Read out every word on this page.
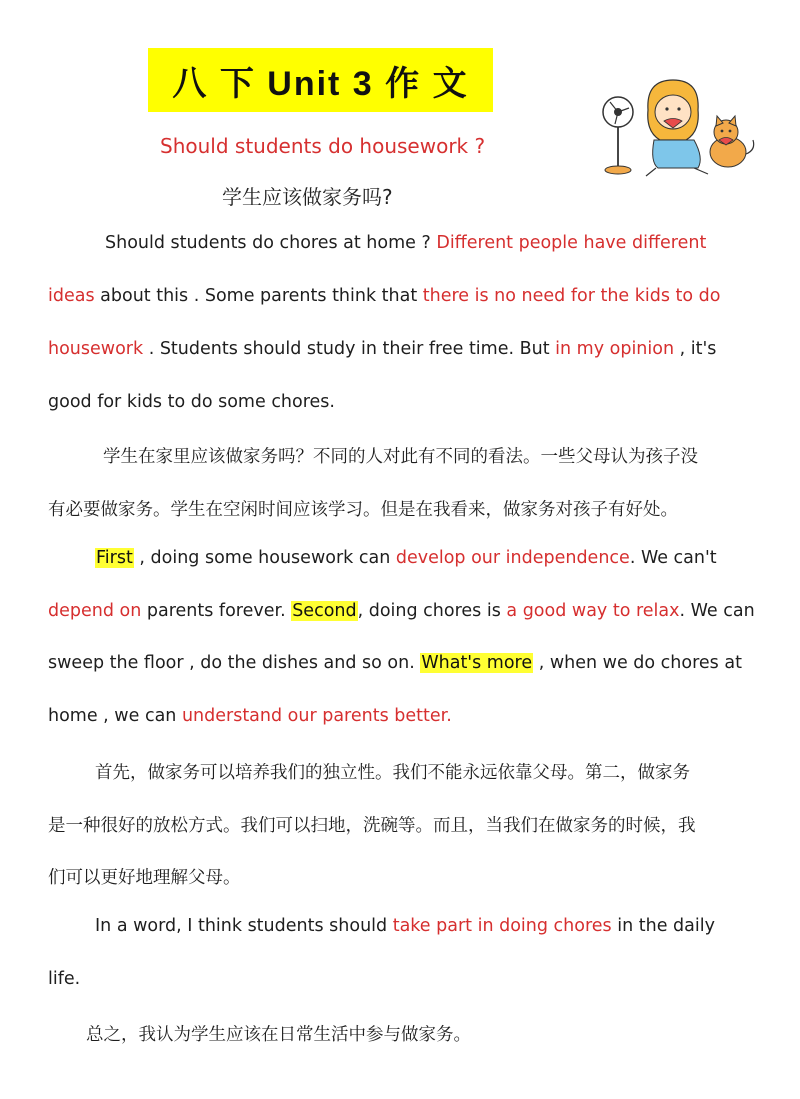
八 下 Unit 3 作 文
Should students do housework ?
学生应该做家务吗?
Should students do chores at home ? Different people have different
ideas about this . Some parents think that there is no need for the kids to do
housework . Students should study in their free time. But in my opinion , it's
good for kids to do some chores.
学生在家里应该做家务吗？不同的人对此有不同的看法。一些父母认为孩子没
有必要做家务。学生在空闲时间应该学习。但是在我看来，做家务对孩子有好处。
First , doing some housework can develop our independence. We can't
depend on parents forever. Second, doing chores is a good way to relax. We can
sweep the floor , do the dishes and so on. What's more , when we do chores at
home , we can understand our parents better.
首先，做家务可以培养我们的独立性。我们不能永远依靠父母。第二，做家务
是一种很好的放松方式。我们可以扫地，洗碗等。而且，当我们在做家务的时候，我
们可以更好地理解父母。
In a word, I think students should take part in doing chores in the daily
life.
总之，我认为学生应该在日常生活中参与做家务。
